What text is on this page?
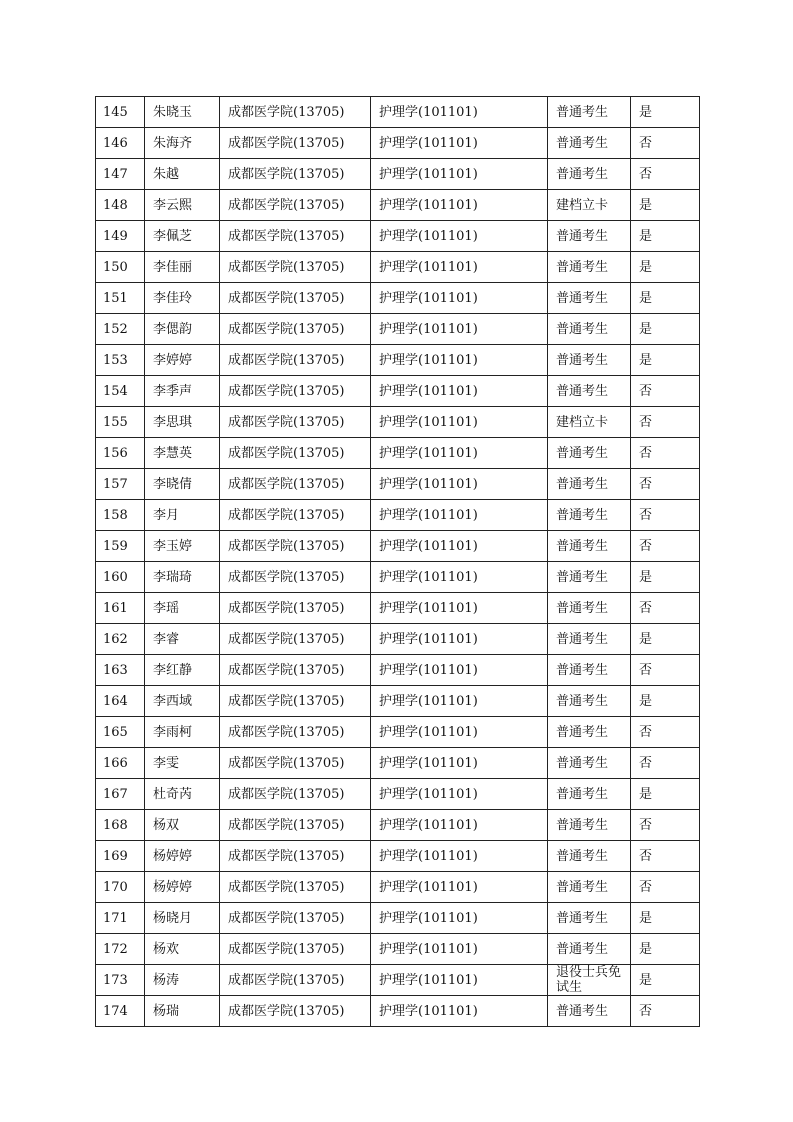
145	朱晓玉	成都医学院(13705)	护理学(101101)	普通考生	是
146	朱海齐	成都医学院(13705)	护理学(101101)	普通考生	否
147	朱越	成都医学院(13705)	护理学(101101)	普通考生	否
148	李云熙	成都医学院(13705)	护理学(101101)	建档立卡	是
149	李佩芝	成都医学院(13705)	护理学(101101)	普通考生	是
150	李佳丽	成都医学院(13705)	护理学(101101)	普通考生	是
151	李佳玲	成都医学院(13705)	护理学(101101)	普通考生	是
152	李偲韵	成都医学院(13705)	护理学(101101)	普通考生	是
153	李婷婷	成都医学院(13705)	护理学(101101)	普通考生	是
154	李季声	成都医学院(13705)	护理学(101101)	普通考生	否
155	李思琪	成都医学院(13705)	护理学(101101)	建档立卡	否
156	李慧英	成都医学院(13705)	护理学(101101)	普通考生	否
157	李晓倩	成都医学院(13705)	护理学(101101)	普通考生	否
158	李月	成都医学院(13705)	护理学(101101)	普通考生	否
159	李玉婷	成都医学院(13705)	护理学(101101)	普通考生	否
160	李瑞琦	成都医学院(13705)	护理学(101101)	普通考生	是
161	李瑶	成都医学院(13705)	护理学(101101)	普通考生	否
162	李睿	成都医学院(13705)	护理学(101101)	普通考生	是
163	李红静	成都医学院(13705)	护理学(101101)	普通考生	否
164	李西域	成都医学院(13705)	护理学(101101)	普通考生	是
165	李雨柯	成都医学院(13705)	护理学(101101)	普通考生	否
166	李雯	成都医学院(13705)	护理学(101101)	普通考生	否
167	杜奇芮	成都医学院(13705)	护理学(101101)	普通考生	是
168	杨双	成都医学院(13705)	护理学(101101)	普通考生	否
169	杨婷婷	成都医学院(13705)	护理学(101101)	普通考生	否
170	杨婷婷	成都医学院(13705)	护理学(101101)	普通考生	否
171	杨晓月	成都医学院(13705)	护理学(101101)	普通考生	是
172	杨欢	成都医学院(13705)	护理学(101101)	普通考生	是
173	杨涛	成都医学院(13705)	护理学(101101)	退役士兵免试生	是
174	杨瑞	成都医学院(13705)	护理学(101101)	普通考生	否
